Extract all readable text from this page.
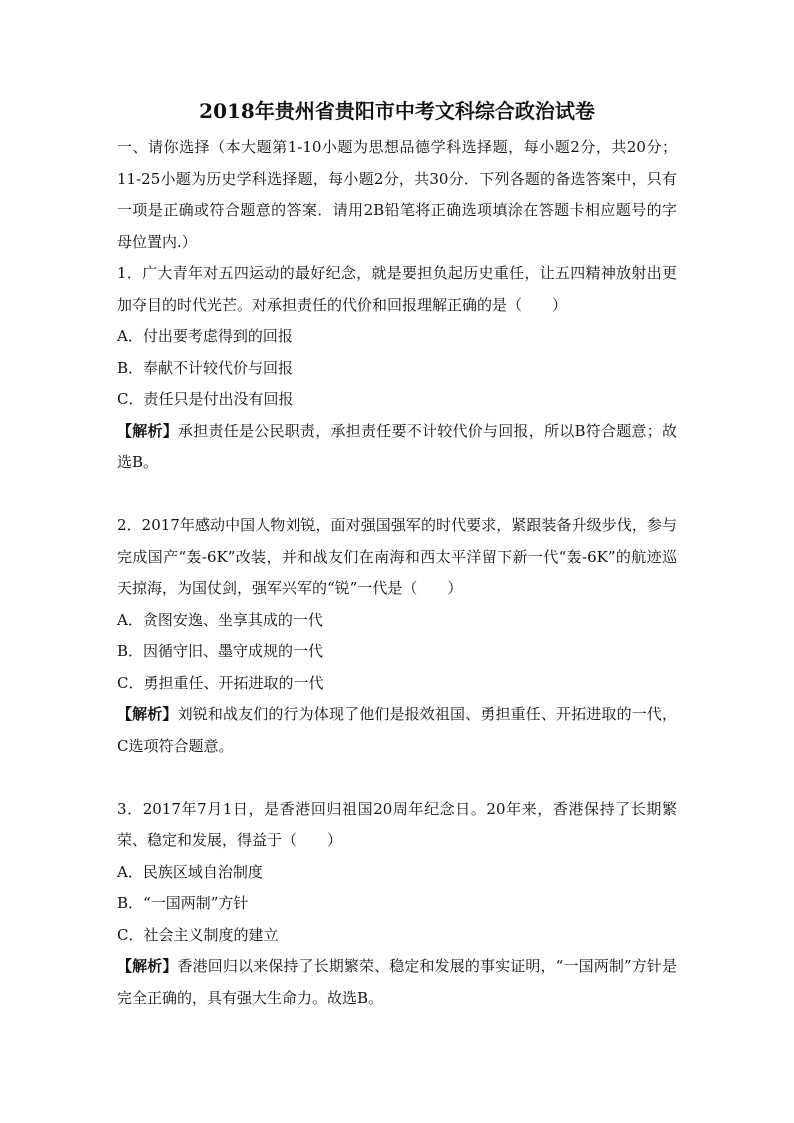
2018年贵州省贵阳市中考文科综合政治试卷

一、请你选择（本大题第1-10小题为思想品德学科选择题，每小题2分，共20分；11-25小题为历史学科选择题，每小题2分，共30分．下列各题的备选答案中，只有一项是正确或符合题意的答案．请用2B铅笔将正确选项填涂在答题卡相应题号的字母位置内.）

1．广大青年对五四运动的最好纪念，就是要担负起历史重任，让五四精神放射出更加夺目的时代光芒。对承担责任的代价和回报理解正确的是（　　）

A．付出要考虑得到的回报

B．奉献不计较代价与回报

C．责任只是付出没有回报

【解析】承担责任是公民职责，承担责任要不计较代价与回报，所以B符合题意；故选B。

2．2017年感动中国人物刘锐，面对强国强军的时代要求，紧跟装备升级步伐，参与完成国产“轰-6K”改装，并和战友们在南海和西太平洋留下新一代“轰-6K”的航迹巡天掠海，为国仗剑，强军兴军的“锐”一代是（　　）

A．贪图安逸、坐享其成的一代

B．因循守旧、墨守成规的一代

C．勇担重任、开拓进取的一代

【解析】刘锐和战友们的行为体现了他们是报效祖国、勇担重任、开拓进取的一代，C选项符合题意。

3．2017年7月1日，是香港回归祖国20周年纪念日。20年来，香港保持了长期繁荣、稳定和发展，得益于（　　）

A．民族区域自治制度

B．“一国两制”方针

C．社会主义制度的建立

【解析】香港回归以来保持了长期繁荣、稳定和发展的事实证明，“一国两制”方针是完全正确的，具有强大生命力。故选B。
